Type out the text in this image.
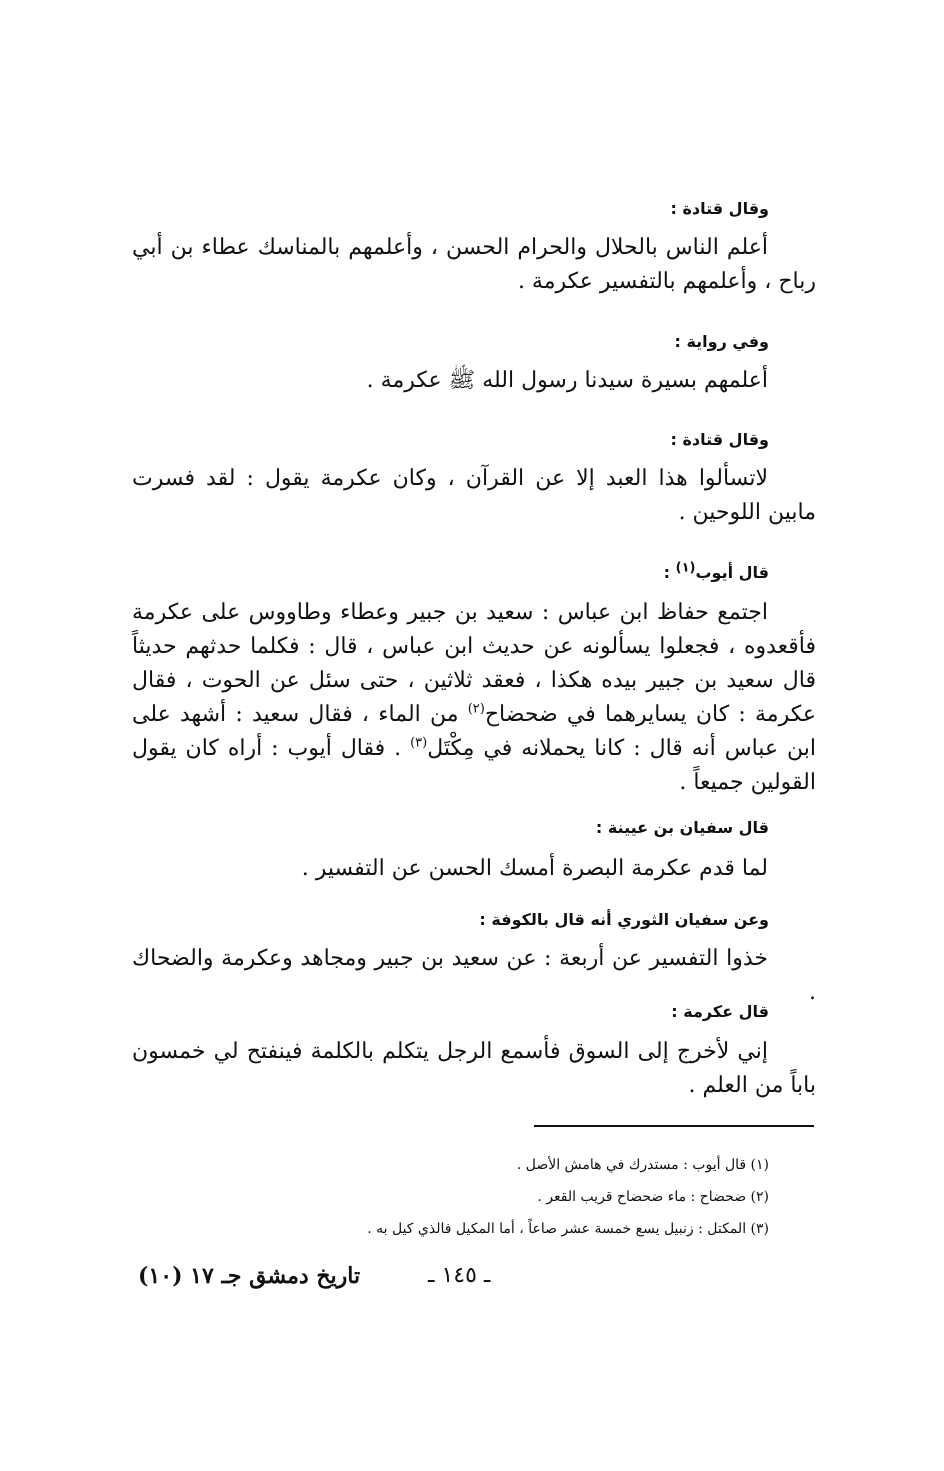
وقال قتادة :
أعلم الناس بالحلال والحرام الحسن ، وأعلمهم بالمناسك عطاء بن أبي رباح ، وأعلمهم بالتفسير عكرمة .
وفي رواية :
أعلمهم بسيرة سيدنا رسول الله ﷺ عكرمة .
وقال قتادة :
لاتسألوا هذا العبد إلا عن القرآن ، وكان عكرمة يقول : لقد فسرت مابين اللوحين .
قال أيوب$^{(١)}$ :
اجتمع حفاظ ابن عباس : سعيد بن جبير وعطاء وطاووس على عكرمة فأقعدوه ، فجعلوا يسألونه عن حديث ابن عباس ، قال : فكلما حدثهم حديثاً قال سعيد بن جبير بيده هكذا ، فعقد ثلاثين ، حتى سئل عن الحوت ، فقال عكرمة : كان يسايرهما في ضحضاح$^{(٢)}$ من الماء ، فقال سعيد : أشهد على ابن عباس أنه قال : كانا يحملانه في مِكْتَل$^{(٣)}$ . فقال أيوب : أراه كان يقول القولين جميعاً .
قال سفيان بن عيينة :
لما قدم عكرمة البصرة أمسك الحسن عن التفسير .
وعن سفيان الثوري أنه قال بالكوفة :
خذوا التفسير عن أربعة : عن سعيد بن جبير ومجاهد وعكرمة والضحاك .
قال عكرمة :
إني لأخرج إلى السوق فأسمع الرجل يتكلم بالكلمة فينفتح لي خمسون باباً من العلم .
(١) قال أيوب : مستدرك في هامش الأصل .
(٢) ضحضاح : ماء ضحضاح قريب القعر .
(٣) المكتل : زنبيل يسع خمسة عشر صاعاً ، أما المكيل فالذي كيل به .
ـ ١٤٥ ـ
تاريخ دمشق جـ ١٧ (١٠)
